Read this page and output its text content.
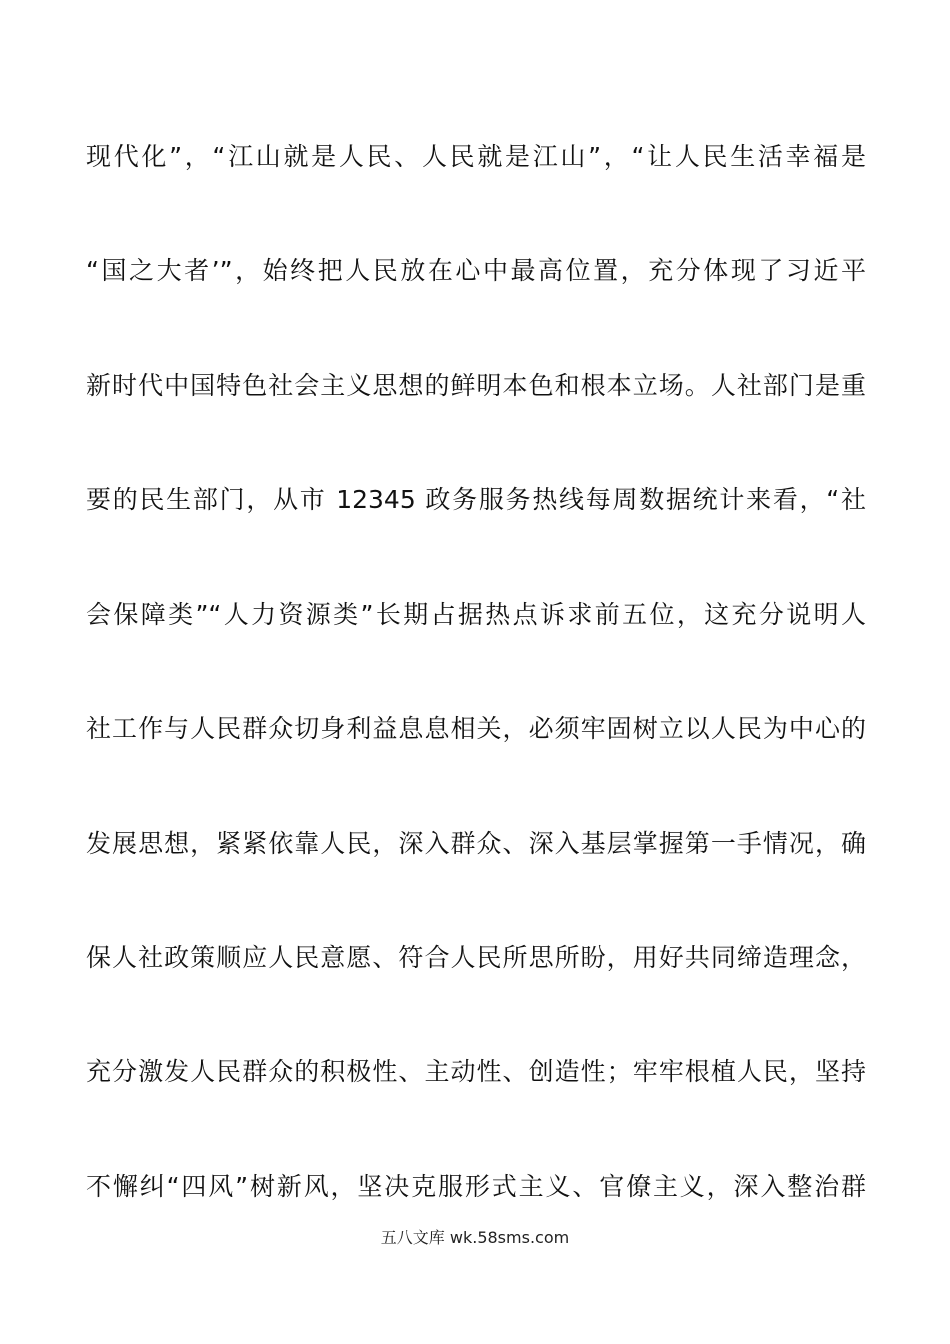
现代化”，“江山就是人民、人民就是江山”，“让人民生活幸福是
“国之大者’”，始终把人民放在心中最高位置，充分体现了习近平
新时代中国特色社会主义思想的鲜明本色和根本立场。人社部门是重
要的民生部门，从市 12345 政务服务热线每周数据统计来看，“社
会保障类”“人力资源类”长期占据热点诉求前五位，这充分说明人
社工作与人民群众切身利益息息相关，必须牢固树立以人民为中心的
发展思想，紧紧依靠人民，深入群众、深入基层掌握第一手情况，确
保人社政策顺应人民意愿、符合人民所思所盼，用好共同缔造理念，
充分激发人民群众的积极性、主动性、创造性；牢牢根植人民，坚持
不懈纠“四风”树新风，坚决克服形式主义、官僚主义，深入整治群
五八文库 wk.58sms.com
